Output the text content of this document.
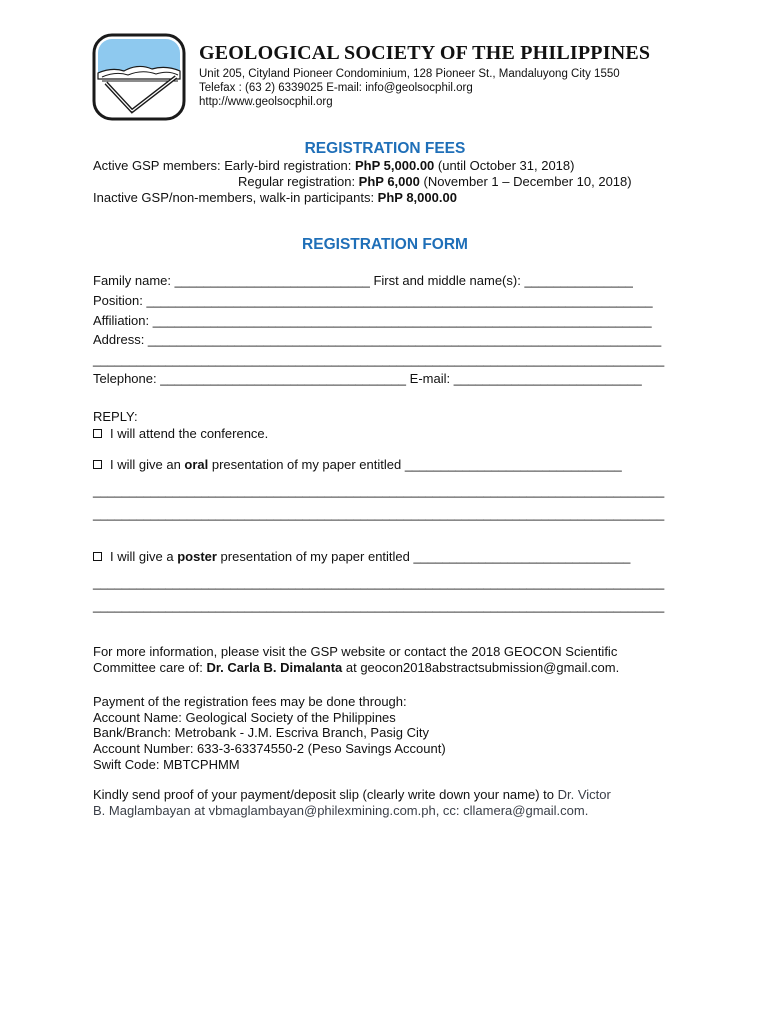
GEOLOGICAL SOCIETY OF THE PHILIPPINES
Unit 205, Cityland Pioneer Condominium, 128 Pioneer St., Mandaluyong City 1550
Telefax : (63 2) 6339025 E-mail: info@geolsocphil.org
http://www.geolsocphil.org
REGISTRATION FEES
Active GSP members: Early-bird registration: PhP 5,000.00 (until October 31, 2018)
Regular registration: PhP 6,000 (November 1 – December 10, 2018)
Inactive GSP/non-members, walk-in participants: PhP 8,000.00
REGISTRATION FORM
Family name: ___________________________ First and middle name(s): _______________
Position: ______________________________________________________________________
Affiliation: _____________________________________________________________________
Address: _______________________________________________________________________
_______________________________________________________________________________
Telephone: __________________________________ E-mail: __________________________
REPLY:
I will attend the conference.
I will give an oral presentation of my paper entitled ______________________________
_______________________________________________________________________________
_______________________________________________________________________________
I will give a poster presentation of my paper entitled ______________________________
_______________________________________________________________________________
_______________________________________________________________________________
For more information, please visit the GSP website or contact the 2018 GEOCON Scientific
Committee care of: Dr. Carla B. Dimalanta at geocon2018abstractsubmission@gmail.com.
Payment of the registration fees may be done through:
Account Name: Geological Society of the Philippines
Bank/Branch: Metrobank - J.M. Escriva Branch, Pasig City
Account Number: 633-3-63374550-2 (Peso Savings Account)
Swift Code: MBTCPHMM
Kindly send proof of your payment/deposit slip (clearly write down your name) to Dr. Victor
B. Maglambayan at vbmaglambayan@philexmining.com.ph, cc: cllamera@gmail.com.
